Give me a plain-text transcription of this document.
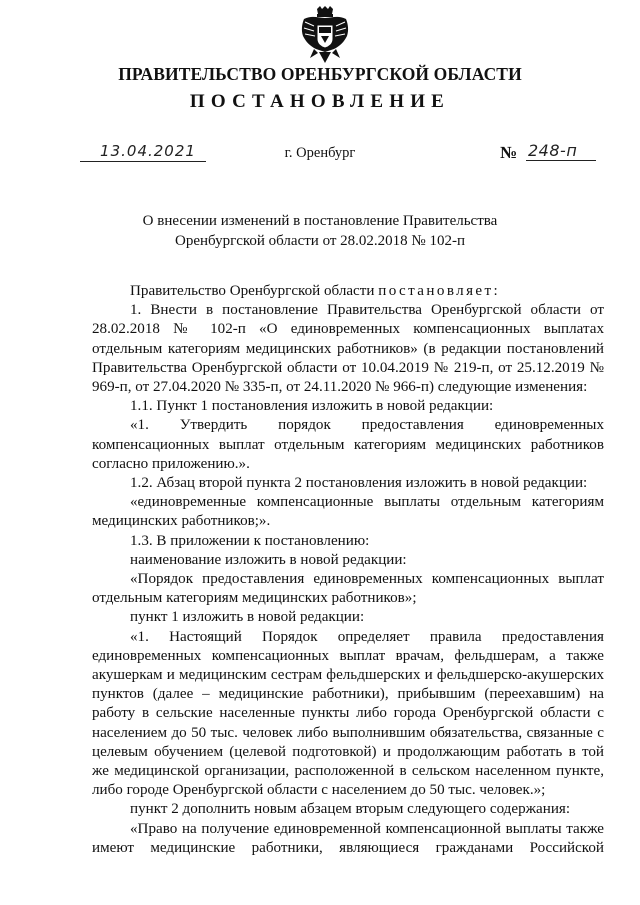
ПРАВИТЕЛЬСТВО ОРЕНБУРГСКОЙ ОБЛАСТИ
ПОСТАНОВЛЕНИЕ
13.04.2021	г. Оренбург	№ 248-п
О внесении изменений в постановление Правительства
Оренбургской области от 28.02.2018 № 102-п

Правительство Оренбургской области постановляет:

1. Внести в постановление Правительства Оренбургской области от 28.02.2018 № 102-п «О единовременных компенсационных выплатах отдельным категориям медицинских работников» (в редакции постановлений Правительства Оренбургской области от 10.04.2019 № 219-п, от 25.12.2019 № 969-п, от 27.04.2020 № 335-п, от 24.11.2020 № 966-п) следующие изменения:

1.1. Пункт 1 постановления изложить в новой редакции:

«1. Утвердить порядок предоставления единовременных компенсационных выплат отдельным категориям медицинских работников согласно приложению.».

1.2. Абзац второй пункта 2 постановления изложить в новой редакции:

«единовременные компенсационные выплаты отдельным категориям медицинских работников;».

1.3. В приложении к постановлению:

наименование изложить в новой редакции:

«Порядок предоставления единовременных компенсационных выплат отдельным категориям медицинских работников»;

пункт 1 изложить в новой редакции:

«1. Настоящий Порядок определяет правила предоставления единовременных компенсационных выплат врачам, фельдшерам, а также акушеркам и медицинским сестрам фельдшерских и фельдшерско-акушерских пунктов (далее – медицинские работники), прибывшим (переехавшим) на работу в сельские населенные пункты либо города Оренбургской области с населением до 50 тыс. человек либо выполнившим обязательства, связанные с целевым обучением (целевой подготовкой) и продолжающим работать в той же медицинской организации, расположенной в сельском населенном пункте, либо городе Оренбургской области с населением до 50 тыс. человек.»;

пункт 2 дополнить новым абзацем вторым следующего содержания:

«Право на получение единовременной компенсационной выплаты также имеют медицинские работники, являющиеся гражданами Российской
